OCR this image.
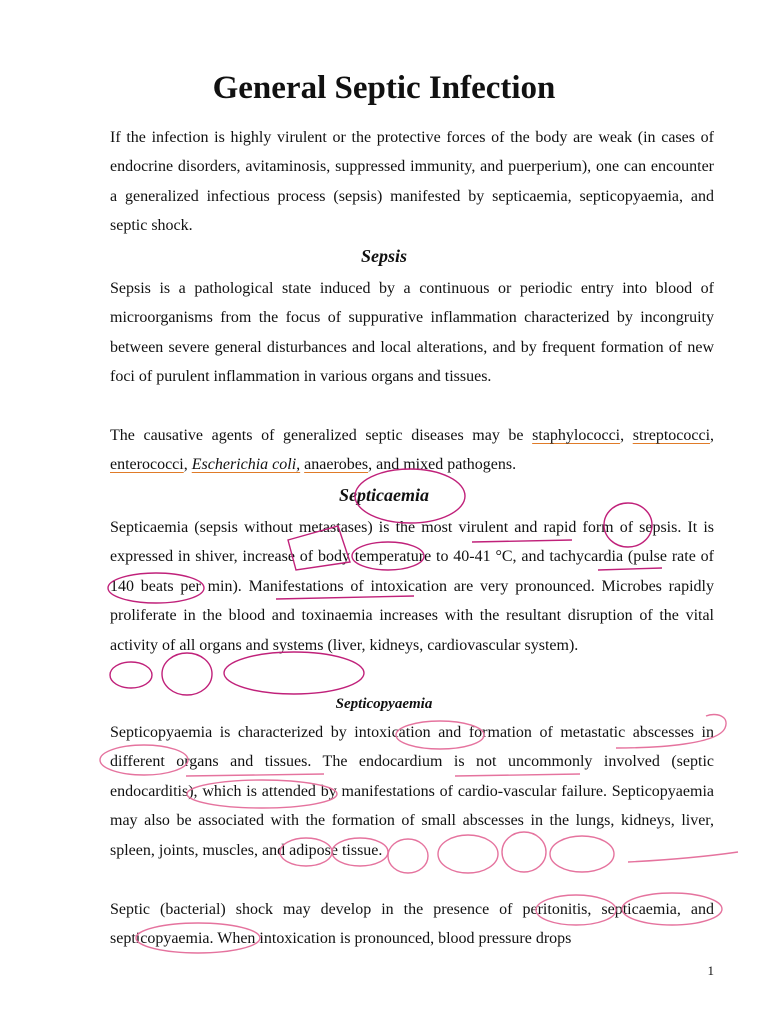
General Septic Infection

If the infection is highly virulent or the protective forces of the body are weak (in cases of endocrine disorders, avitaminosis, suppressed immunity, and puerperium), one can encounter a generalized infectious process (sepsis) manifested by septicaemia, septicopyaemia, and septic shock.

Sepsis

Sepsis is a pathological state induced by a continuous or periodic entry into blood of microorganisms from the focus of suppurative inflammation characterized by incongruity between severe general disturbances and local alterations, and by frequent formation of new foci of purulent inflammation in various organs and tissues.

The causative agents of generalized septic diseases may be staphylococci, streptococci, enterococci, Escherichia coli, anaerobes, and mixed pathogens.

Septicaemia

Septicaemia (sepsis without metastases) is the most virulent and rapid form of sepsis. It is expressed in shiver, increase of body temperature to 40-41 °C, and tachycardia (pulse rate of 140 beats per min). Manifestations of intoxication are very pronounced. Microbes rapidly proliferate in the blood and toxinaemia increases with the resultant disruption of the vital activity of all organs and systems (liver, kidneys, cardiovascular system).

Septicopyaemia

Septicopyaemia is characterized by intoxication and formation of metastatic abscesses in different organs and tissues. The endocardium is not uncommonly involved (septic endocarditis), which is attended by manifestations of cardio-vascular failure. Septicopyaemia may also be associated with the formation of small abscesses in the lungs, kidneys, liver, spleen, joints, muscles, and adipose tissue.

Septic (bacterial) shock may develop in the presence of peritonitis, septicaemia, and septicopyaemia. When intoxication is pronounced, blood pressure drops

1
